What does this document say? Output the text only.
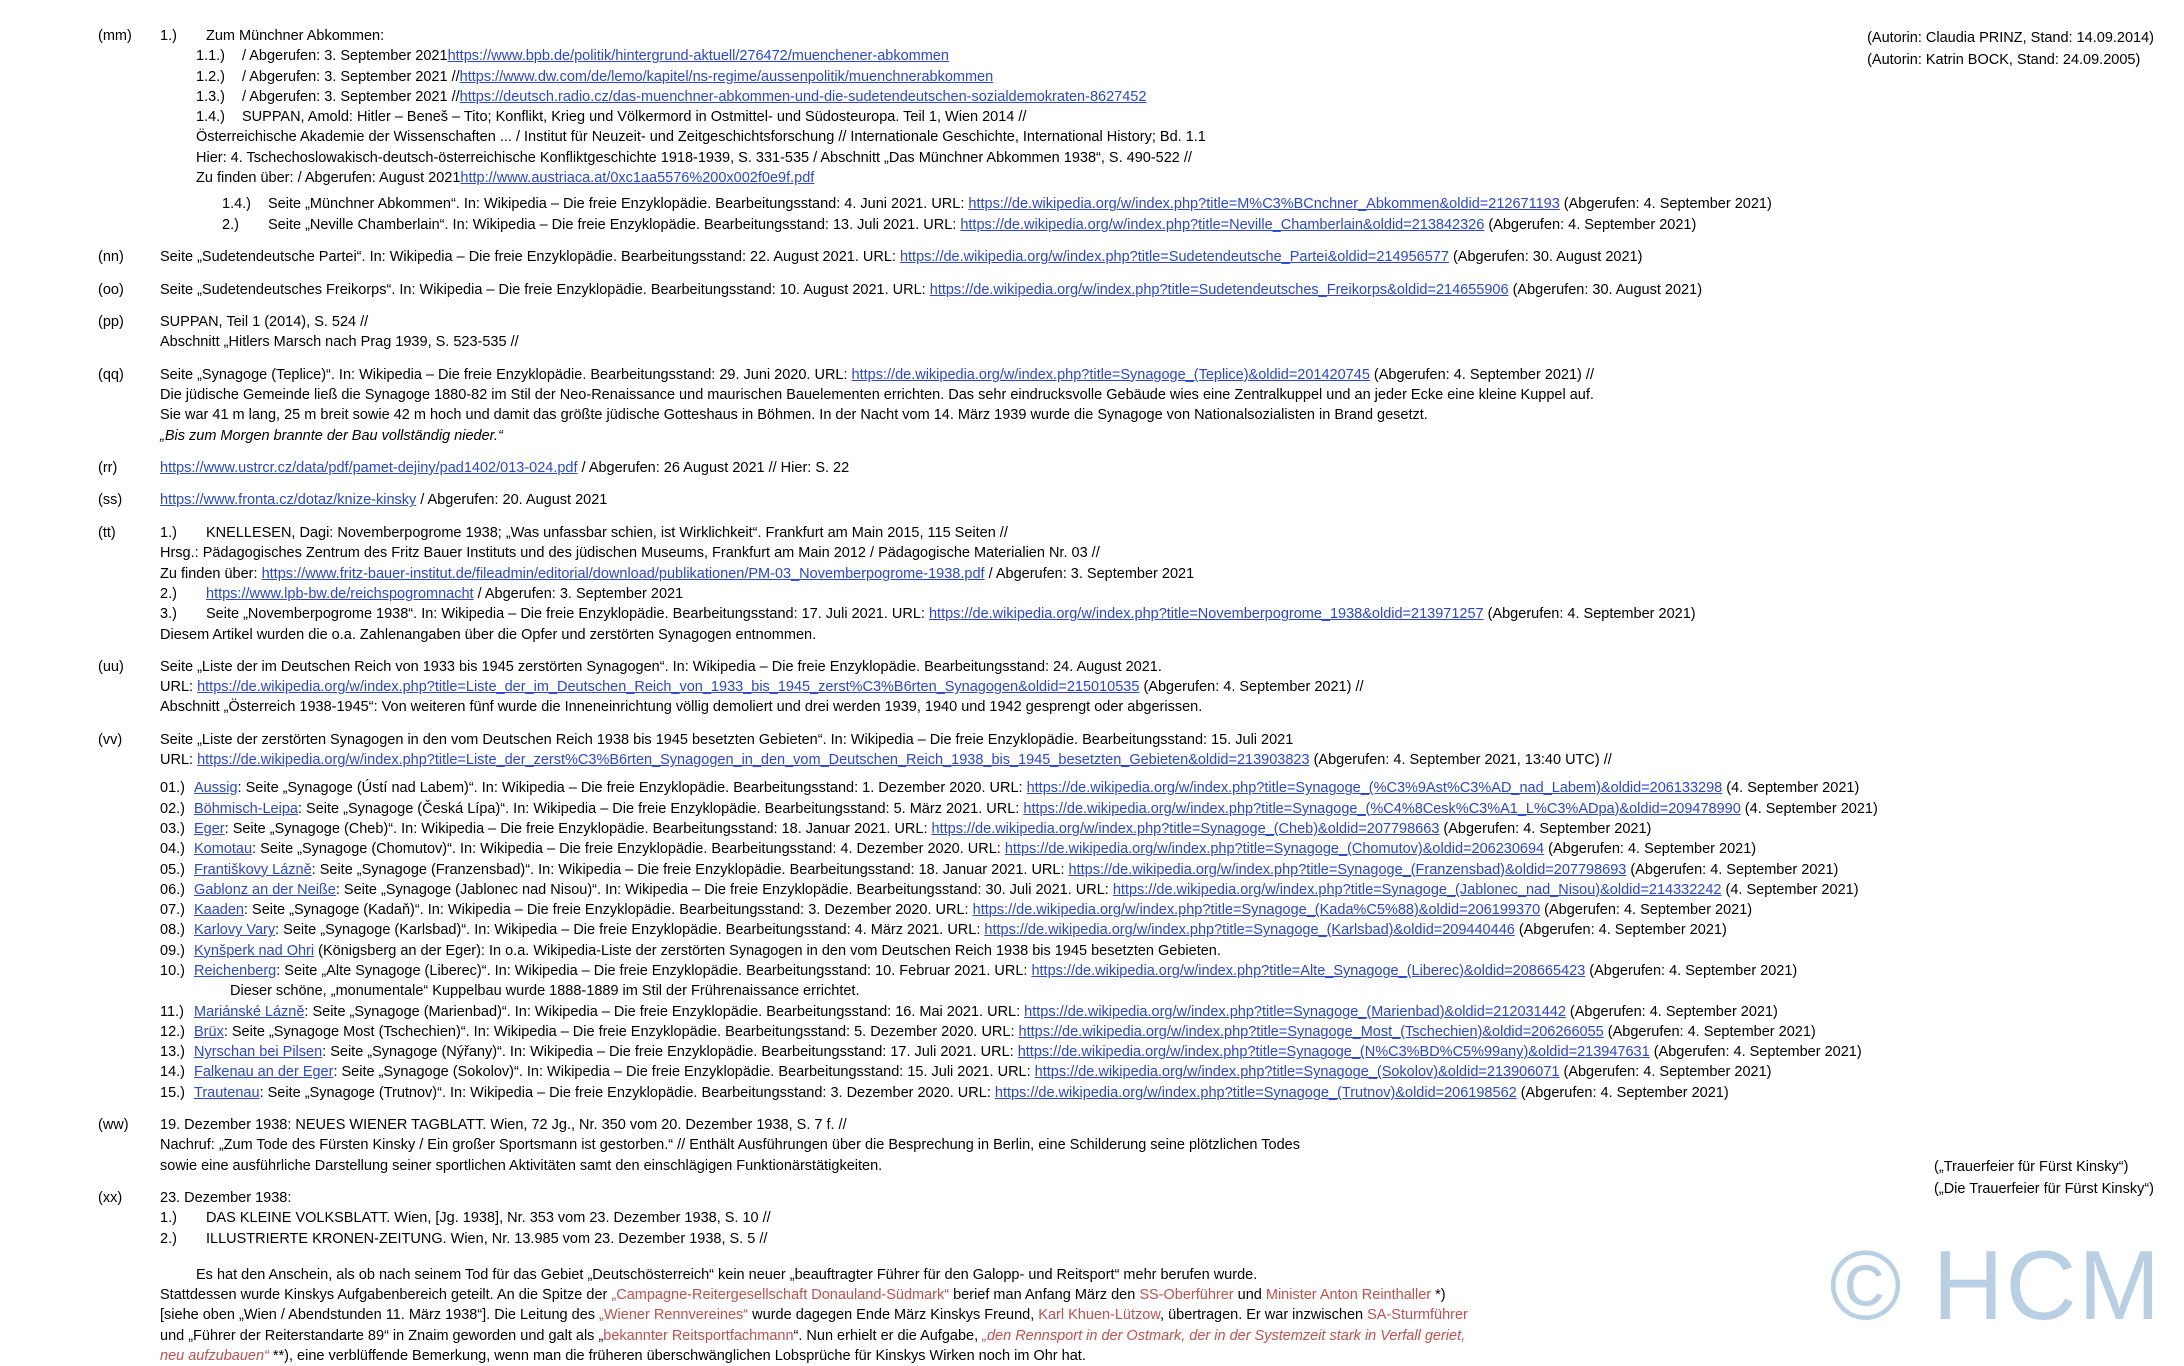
(Autorin: Claudia PRINZ, Stand: 14.09.2014)
(Autorin: Katrin BOCK, Stand: 24.09.2005)
(„Trauerfeier für Fürst Kinsky“)
(„Die Trauerfeier für Fürst Kinsky“)
(mm)	1.)	Zum Münchner Abkommen:
1.1.)	/ Abgerufen: 3. September 2021https://www.bpb.de/politik/hintergrund-aktuell/276472/muenchener-abkommen
1.2.)	/ Abgerufen: 3. September 2021 //https://www.dw.com/de/lemo/kapitel/ns-regime/aussenpolitik/muenchnerabkommen
1.3.)	/ Abgerufen: 3. September 2021 //https://deutsch.radio.cz/das-muenchner-abkommen-und-die-sudetendeutschen-sozialdemokraten-8627452
1.4.)	SUPPAN, Amold: Hitler – Beneš – Tito; Konflikt, Krieg und Völkermord in Ostmittel- und Südosteuropa. Teil 1, Wien 2014 //
Österreichische Akademie der Wissenschaften ... / Institut für Neuzeit- und Zeitgeschichtsforschung // Internationale Geschichte, International History; Bd. 1.1
Hier: 4. Tschechoslowakisch-deutsch-österreichische Konfliktgeschichte 1918-1939, S. 331-535 / Abschnitt „Das Münchner Abkommen 1938“, S. 490-522 //
Zu finden über: / Abgerufen: August 2021http://www.austriaca.at/0xc1aa5576%200x002f0e9f.pdf
1.4.)	Seite „Münchner Abkommen“. In: Wikipedia – Die freie Enzyklopädie. Bearbeitungsstand: 4. Juni 2021. URL: https://de.wikipedia.org/w/index.php?title=M%C3%BCnchner_Abkommen&oldid=212671193 (Abgerufen: 4. September 2021)
2.)	Seite „Neville Chamberlain“. In: Wikipedia – Die freie Enzyklopädie. Bearbeitungsstand: 13. Juli 2021. URL: https://de.wikipedia.org/w/index.php?title=Neville_Chamberlain&oldid=213842326 (Abgerufen: 4. September 2021)
(nn)	Seite „Sudetendeutsche Partei“. In: Wikipedia – Die freie Enzyklopädie. Bearbeitungsstand: 22. August 2021. URL: https://de.wikipedia.org/w/index.php?title=Sudetendeutsche_Partei&oldid=214956577 (Abgerufen: 30. August 2021)
(oo)	Seite „Sudetendeutsches Freikorps“. In: Wikipedia – Die freie Enzyklopädie. Bearbeitungsstand: 10. August 2021. URL: https://de.wikipedia.org/w/index.php?title=Sudetendeutsches_Freikorps&oldid=214655906 (Abgerufen: 30. August 2021)
(pp)	SUPPAN, Teil 1 (2014), S. 524 //
Abschnitt „Hitlers Marsch nach Prag 1939, S. 523-535 //
(qq)	Seite „Synagoge (Teplice)“. In: Wikipedia – Die freie Enzyklopädie. Bearbeitungsstand: 29. Juni 2020. URL: https://de.wikipedia.org/w/index.php?title=Synagoge_(Teplice)&oldid=201420745 (Abgerufen: 4. September 2021) //
Die jüdische Gemeinde ließ die Synagoge 1880-82 im Stil der Neo-Renaissance und maurischen Bauelementen errichten. Das sehr eindrucksvolle Gebäude wies eine Zentralkuppel und an jeder Ecke eine kleine Kuppel auf.
Sie war 41 m lang, 25 m breit sowie 42 m hoch und damit das größte jüdische Gotteshaus in Böhmen. In der Nacht vom 14. März 1939 wurde die Synagoge von Nationalsozialisten in Brand gesetzt.
„Bis zum Morgen brannte der Bau vollständig nieder.“
(rr)	https://www.ustrcr.cz/data/pdf/pamet-dejiny/pad1402/013-024.pdf / Abgerufen: 26 August 2021 // Hier: S. 22
(ss)	https://www.fronta.cz/dotaz/knize-kinsky / Abgerufen: 20. August 2021
(tt)	1.)	KNELLESEN, Dagi: Novemberpogrome 1938; „Was unfassbar schien, ist Wirklichkeit“. Frankfurt am Main 2015, 115 Seiten //
Hrsg.: Pädagogisches Zentrum des Fritz Bauer Instituts und des jüdischen Museums, Frankfurt am Main 2012 / Pädagogische Materialien Nr. 03 //
Zu finden über: https://www.fritz-bauer-institut.de/fileadmin/editorial/download/publikationen/PM-03_Novemberpogrome-1938.pdf / Abgerufen: 3. September 2021
2.)	https://www.lpb-bw.de/reichspogromnacht / Abgerufen: 3. September 2021
3.)	Seite „Novemberpogrome 1938“. In: Wikipedia – Die freie Enzyklopädie. Bearbeitungsstand: 17. Juli 2021. URL: https://de.wikipedia.org/w/index.php?title=Novemberpogrome_1938&oldid=213971257 (Abgerufen: 4. September 2021)
Diesem Artikel wurden die o.a. Zahlenangaben über die Opfer und zerstörten Synagogen entnommen.
(uu)	Seite „Liste der im Deutschen Reich von 1933 bis 1945 zerstörten Synagogen“. In: Wikipedia – Die freie Enzyklopädie. Bearbeitungsstand: 24. August 2021.
URL: https://de.wikipedia.org/w/index.php?title=Liste_der_im_Deutschen_Reich_von_1933_bis_1945_zerst%C3%B6rten_Synagogen&oldid=215010535 (Abgerufen: 4. September 2021) //
Abschnitt „Österreich 1938-1945“: Von weiteren fünf wurde die Inneneinrichtung völlig demoliert und drei werden 1939, 1940 und 1942 gesprengt oder abgerissen.
(vv)	Seite „Liste der zerstörten Synagogen in den vom Deutschen Reich 1938 bis 1945 besetzten Gebieten“. In: Wikipedia – Die freie Enzyklopädie. Bearbeitungsstand: 15. Juli 2021
URL: https://de.wikipedia.org/w/index.php?title=Liste_der_zerst%C3%B6rten_Synagogen_in_den_vom_Deutschen_Reich_1938_bis_1945_besetzten_Gebieten&oldid=213903823 (Abgerufen: 4. September 2021, 13:40 UTC) //
01.) Aussig: Seite „Synagoge (Ústí nad Labem)“. In: Wikipedia – Die freie Enzyklopädie. Bearbeitungsstand: 1. Dezember 2020. URL: https://de.wikipedia.org/w/index.php?title=Synagoge_(%C3%9Ast%C3%AD_nad_Labem)&oldid=206133298 (4. September 2021)
02.) Böhmisch-Leipa: Seite „Synagoge (Česká Lípa)“. In: Wikipedia – Die freie Enzyklopädie. Bearbeitungsstand: 5. März 2021. URL: https://de.wikipedia.org/w/index.php?title=Synagoge_(%C4%8Cesk%C3%A1_L%C3%ADpa)&oldid=209478990 (4. September 2021)
03.) Eger: Seite „Synagoge (Cheb)“. In: Wikipedia – Die freie Enzyklopädie. Bearbeitungsstand: 18. Januar 2021. URL: https://de.wikipedia.org/w/index.php?title=Synagoge_(Cheb)&oldid=207798663 (Abgerufen: 4. September 2021)
04.) Komotau: Seite „Synagoge (Chomutov)“. In: Wikipedia – Die freie Enzyklopädie. Bearbeitungsstand: 4. Dezember 2020. URL: https://de.wikipedia.org/w/index.php?title=Synagoge_(Chomutov)&oldid=206230694 (Abgerufen: 4. September 2021)
05.) Františkovy Lázně: Seite „Synagoge (Franzensbad)“. In: Wikipedia – Die freie Enzyklopädie. Bearbeitungsstand: 18. Januar 2021. URL: https://de.wikipedia.org/w/index.php?title=Synagoge_(Franzensbad)&oldid=207798693 (Abgerufen: 4. September 2021)
06.) Gablonz an der Neiße: Seite „Synagoge (Jablonec nad Nisou)“. In: Wikipedia – Die freie Enzyklopädie. Bearbeitungsstand: 30. Juli 2021. URL: https://de.wikipedia.org/w/index.php?title=Synagoge_(Jablonec_nad_Nisou)&oldid=214332242 (4. September 2021)
07.) Kaaden: Seite „Synagoge (Kadaň)“. In: Wikipedia – Die freie Enzyklopädie. Bearbeitungsstand: 3. Dezember 2020. URL: https://de.wikipedia.org/w/index.php?title=Synagoge_(Kada%C5%88)&oldid=206199370 (Abgerufen: 4. September 2021)
08.) Karlovy Vary: Seite „Synagoge (Karlsbad)“. In: Wikipedia – Die freie Enzyklopädie. Bearbeitungsstand: 4. März 2021. URL: https://de.wikipedia.org/w/index.php?title=Synagoge_(Karlsbad)&oldid=209440446 (Abgerufen: 4. September 2021)
09.) Kynšperk nad Ohri (Königsberg an der Eger): In o.a. Wikipedia-Liste der zerstörten Synagogen in den vom Deutschen Reich 1938 bis 1945 besetzten Gebieten.
10.) Reichenberg: Seite „Alte Synagoge (Liberec)“. In: Wikipedia – Die freie Enzyklopädie. Bearbeitungsstand: 10. Februar 2021. URL: https://de.wikipedia.org/w/index.php?title=Alte_Synagoge_(Liberec)&oldid=208665423 (Abgerufen: 4. September 2021)
Dieser schöne, „monumentale“ Kuppelbau wurde 1888-1889 im Stil der Frührenaissance errichtet.
11.) Mariánské Lázně: Seite „Synagoge (Marienbad)“. In: Wikipedia – Die freie Enzyklopädie. Bearbeitungsstand: 16. Mai 2021. URL: https://de.wikipedia.org/w/index.php?title=Synagoge_(Marienbad)&oldid=212031442 (Abgerufen: 4. September 2021)
12.) Brüx: Seite „Synagoge Most (Tschechien)“. In: Wikipedia – Die freie Enzyklopädie. Bearbeitungsstand: 5. Dezember 2020. URL: https://de.wikipedia.org/w/index.php?title=Synagoge_Most_(Tschechien)&oldid=206266055 (Abgerufen: 4. September 2021)
13.) Nyrschan bei Pilsen: Seite „Synagoge (Nýřany)“. In: Wikipedia – Die freie Enzyklopädie. Bearbeitungsstand: 17. Juli 2021. URL: https://de.wikipedia.org/w/index.php?title=Synagoge_(N%C3%BD%C5%99any)&oldid=213947631 (Abgerufen: 4. September 2021)
14.) Falkenau an der Eger: Seite „Synagoge (Sokolov)“. In: Wikipedia – Die freie Enzyklopädie. Bearbeitungsstand: 15. Juli 2021. URL: https://de.wikipedia.org/w/index.php?title=Synagoge_(Sokolov)&oldid=213906071 (Abgerufen: 4. September 2021)
15.) Trautenau: Seite „Synagoge (Trutnov)“. In: Wikipedia – Die freie Enzyklopädie. Bearbeitungsstand: 3. Dezember 2020. URL: https://de.wikipedia.org/w/index.php?title=Synagoge_(Trutnov)&oldid=206198562 (Abgerufen: 4. September 2021)
(ww)	19. Dezember 1938: NEUES WIENER TAGBLATT. Wien, 72 Jg., Nr. 350 vom 20. Dezember 1938, S. 7 f. //
Nachruf: „Zum Tode des Fürsten Kinsky / Ein großer Sportsmann ist gestorben.“ // Enthält Ausführungen über die Besprechung in Berlin, eine Schilderung seine plötzlichen Todes
sowie eine ausführliche Darstellung seiner sportlichen Aktivitäten samt den einschlägigen Funktionärstätigkeiten.
(xx)	23. Dezember 1938:
1.)	DAS KLEINE VOLKSBLATT. Wien, [Jg. 1938], Nr. 353 vom 23. Dezember 1938, S. 10 //
2.)	ILLUSTRIERTE KRONEN-ZEITUNG. Wien, Nr. 13.985 vom 23. Dezember 1938, S. 5 //
Es hat den Anschein, als ob nach seinem Tod für das Gebiet „Deutschösterreich“ kein neuer „beauftragter Führer für den Galopp- und Reitsport“ mehr berufen wurde.
Stattdessen wurde Kinskys Aufgabenbereich geteilt. An die Spitze der „Campagne-Reitergesellschaft Donauland-Südmark“ berief man Anfang März den SS-Oberführer und Minister Anton Reinthaller *)
[siehe oben „Wien / Abendstunden 11. März 1938“]. Die Leitung des „Wiener Rennvereines“ wurde dagegen Ende März Kinskys Freund, Karl Khuen-Lützow, übertragen. Er war inzwischen SA-Sturmführer
und „Führer der Reiterstandarte 89“ in Znaim geworden und galt als „bekannter Reitsportfachmann“. Nun erhielt er die Aufgabe, „den Rennsport in der Ostmark, der in der Systemzeit stark in Verfall geriet,
neu aufzubauen“ **), eine verblüffende Bemerkung, wenn man die früheren überschwänglichen Lobsprüche für Kinskys Wirken noch im Ohr hat.
© HCM
